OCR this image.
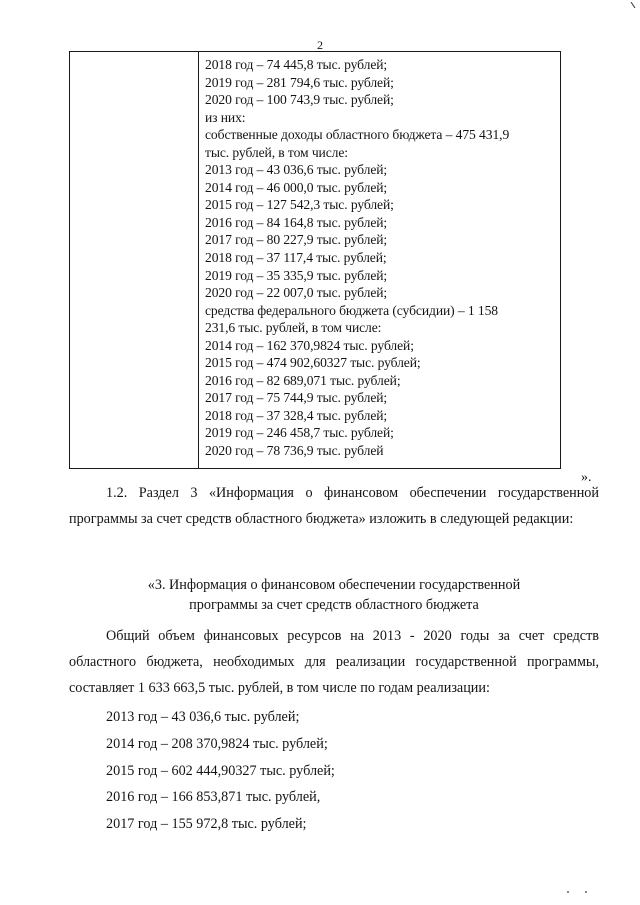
2

2018 год – 74 445,8 тыс. рублей;

2019 год – 281 794,6 тыс. рублей;

2020 год – 100 743,9 тыс. рублей;

из них:

собственные доходы областного бюджета – 475 431,9

тыс. рублей, в том числе:

2013 год – 43 036,6 тыс. рублей;

2014 год – 46 000,0 тыс. рублей;

2015 год – 127 542,3 тыс. рублей;

2016 год – 84 164,8 тыс. рублей;

2017 год – 80 227,9 тыс. рублей;

2018 год – 37 117,4 тыс. рублей;

2019 год – 35 335,9 тыс. рублей;

2020 год – 22 007,0 тыс. рублей;

средства федерального бюджета (субсидии) – 1 158

231,6 тыс. рублей, в том числе:

2014 год – 162 370,9824 тыс. рублей;

2015 год – 474 902,60327 тыс. рублей;

2016 год – 82 689,071 тыс. рублей;

2017 год – 75 744,9 тыс. рублей;

2018 год – 37 328,4 тыс. рублей;

2019 год – 246 458,7 тыс. рублей;

2020 год – 78 736,9 тыс. рублей

».

1.2. Раздел 3 «Информация о финансовом обеспечении государственной программы за счет средств областного бюджета» изложить в следующей редакции:

«3. Информация о финансовом обеспечении государственной
программы за счет средств областного бюджета

Общий объем финансовых ресурсов на 2013 - 2020 годы за счет средств областного бюджета, необходимых для реализации государственной программы, составляет 1 633 663,5 тыс. рублей, в том числе по годам реализации:

2013 год – 43 036,6 тыс. рублей;
2014 год – 208 370,9824 тыс. рублей;
2015 год – 602 444,90327 тыс. рублей;
2016 год – 166 853,871 тыс. рублей,
2017 год – 155 972,8 тыс. рублей;
